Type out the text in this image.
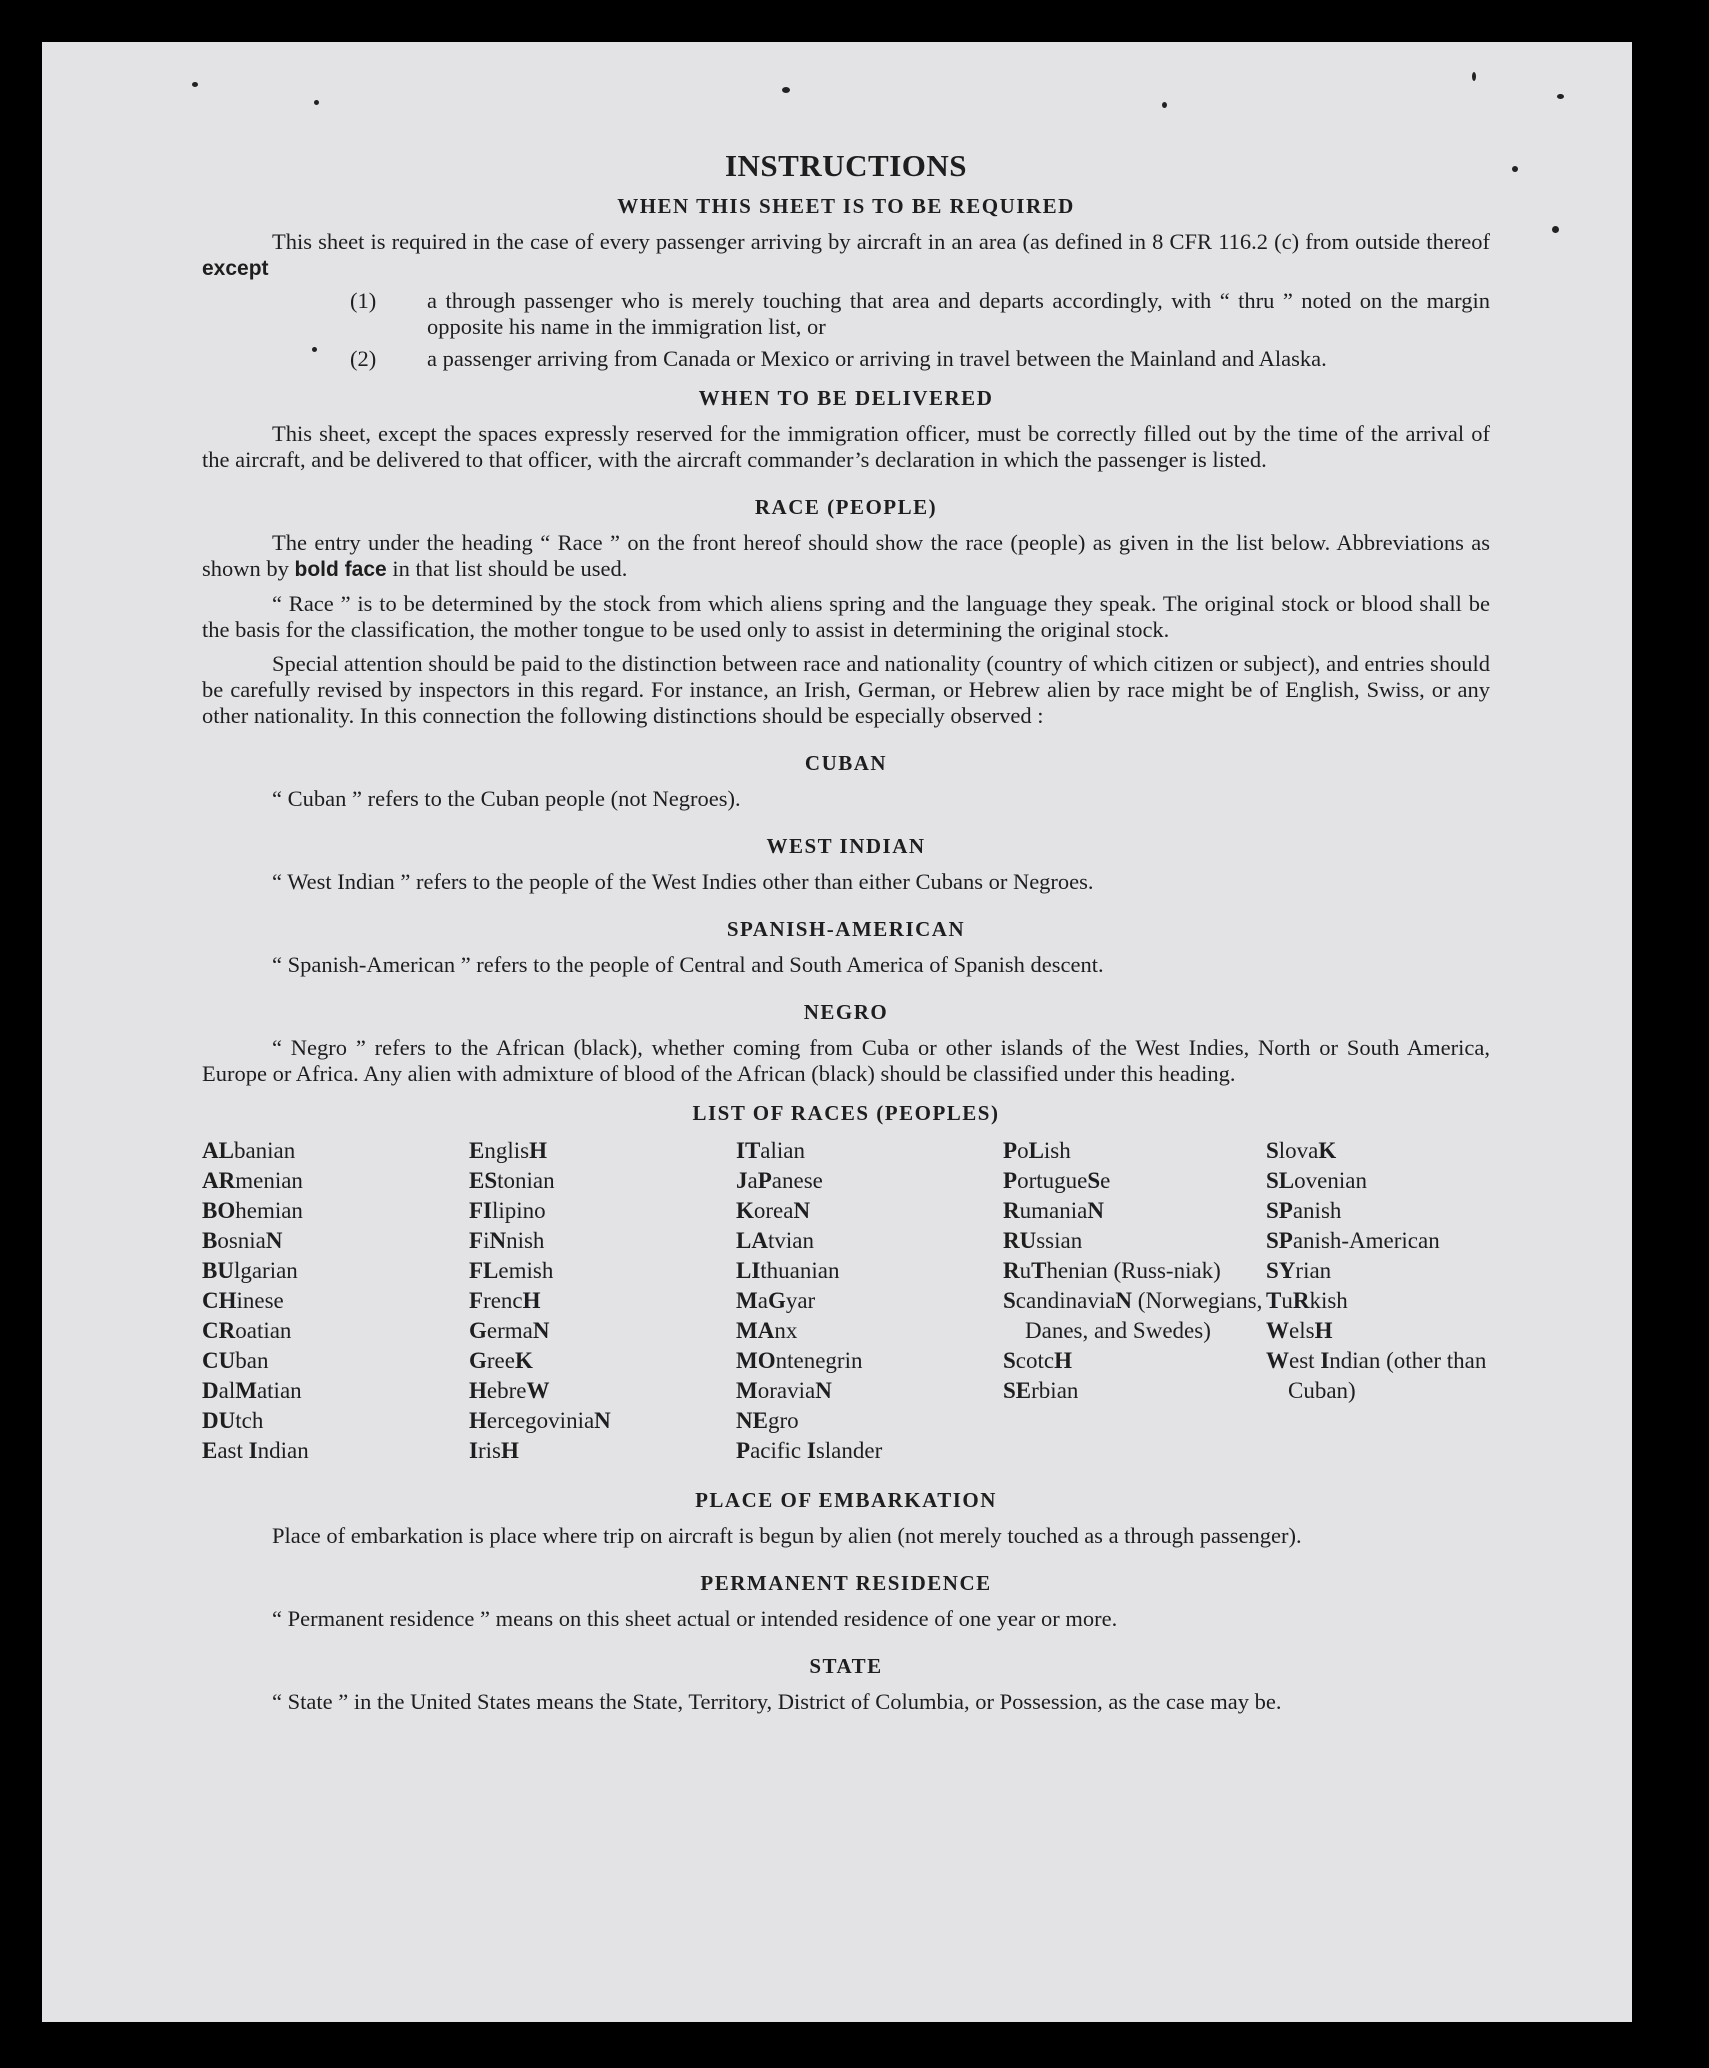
INSTRUCTIONS
WHEN THIS SHEET IS TO BE REQUIRED

This sheet is required in the case of every passenger arriving by aircraft in an area (as defined in 8 CFR 116.2 (c) from outside thereof except

(1) a through passenger who is merely touching that area and departs accordingly, with “ thru ” noted on the margin opposite his name in the immigration list, or
(2) a passenger arriving from Canada or Mexico or arriving in travel between the Mainland and Alaska.
WHEN TO BE DELIVERED

This sheet, except the spaces expressly reserved for the immigration officer, must be correctly filled out by the time of the arrival of the aircraft, and be delivered to that officer, with the aircraft commander’s declaration in which the passenger is listed.

RACE (PEOPLE)

The entry under the heading “ Race ” on the front hereof should show the race (people) as given in the list below. Abbreviations as shown by bold face in that list should be used.

“ Race ” is to be determined by the stock from which aliens spring and the language they speak. The original stock or blood shall be the basis for the classification, the mother tongue to be used only to assist in determining the original stock.

Special attention should be paid to the distinction between race and nationality (country of which citizen or subject), and entries should be carefully revised by inspectors in this regard. For instance, an Irish, German, or Hebrew alien by race might be of English, Swiss, or any other nationality. In this connection the following distinctions should be especially observed :

CUBAN

“ Cuban ” refers to the Cuban people (not Negroes).

WEST INDIAN

“ West Indian ” refers to the people of the West Indies other than either Cubans or Negroes.

SPANISH-AMERICAN

“ Spanish-American ” refers to the people of Central and South America of Spanish descent.

NEGRO

“ Negro ” refers to the African (black), whether coming from Cuba or other islands of the West Indies, North or South America, Europe or Africa. Any alien with admixture of blood of the African (black) should be classified under this heading.

LIST OF RACES (PEOPLES)
ALbanian
ARmenian
BOhemian
BosniaN
BUlgarian
CHinese
CRoatian
CUban
DalMatian
DUtch
East Indian
EnglisH
EStonian
FIlipino
FiNnish
FLemish
FrencH
GermaN
GreeK
HebreW
HercegoviniaN
IrisH
ITalian
JaPanese
KoreaN
LAtvian
LIthuanian
MaGyar
MAnx
MOntenegrin
MoraviaN
NEgro
Pacific Islander
PoLish
PortugueSe
RumaniaN
RUssian
RuThenian (Russ-niak)
ScandinaviaN (Norwegians, Danes, and Swedes)
ScotcH
SErbian
SlovaK
SLovenian
SPanish
SPanish-American
SYrian
TuRkish
WelsH
West Indian (other than Cuban)
PLACE OF EMBARKATION

Place of embarkation is place where trip on aircraft is begun by alien (not merely touched as a through passenger).

PERMANENT RESIDENCE

“ Permanent residence ” means on this sheet actual or intended residence of one year or more.

STATE

“ State ” in the United States means the State, Territory, District of Columbia, or Possession, as the case may be.
